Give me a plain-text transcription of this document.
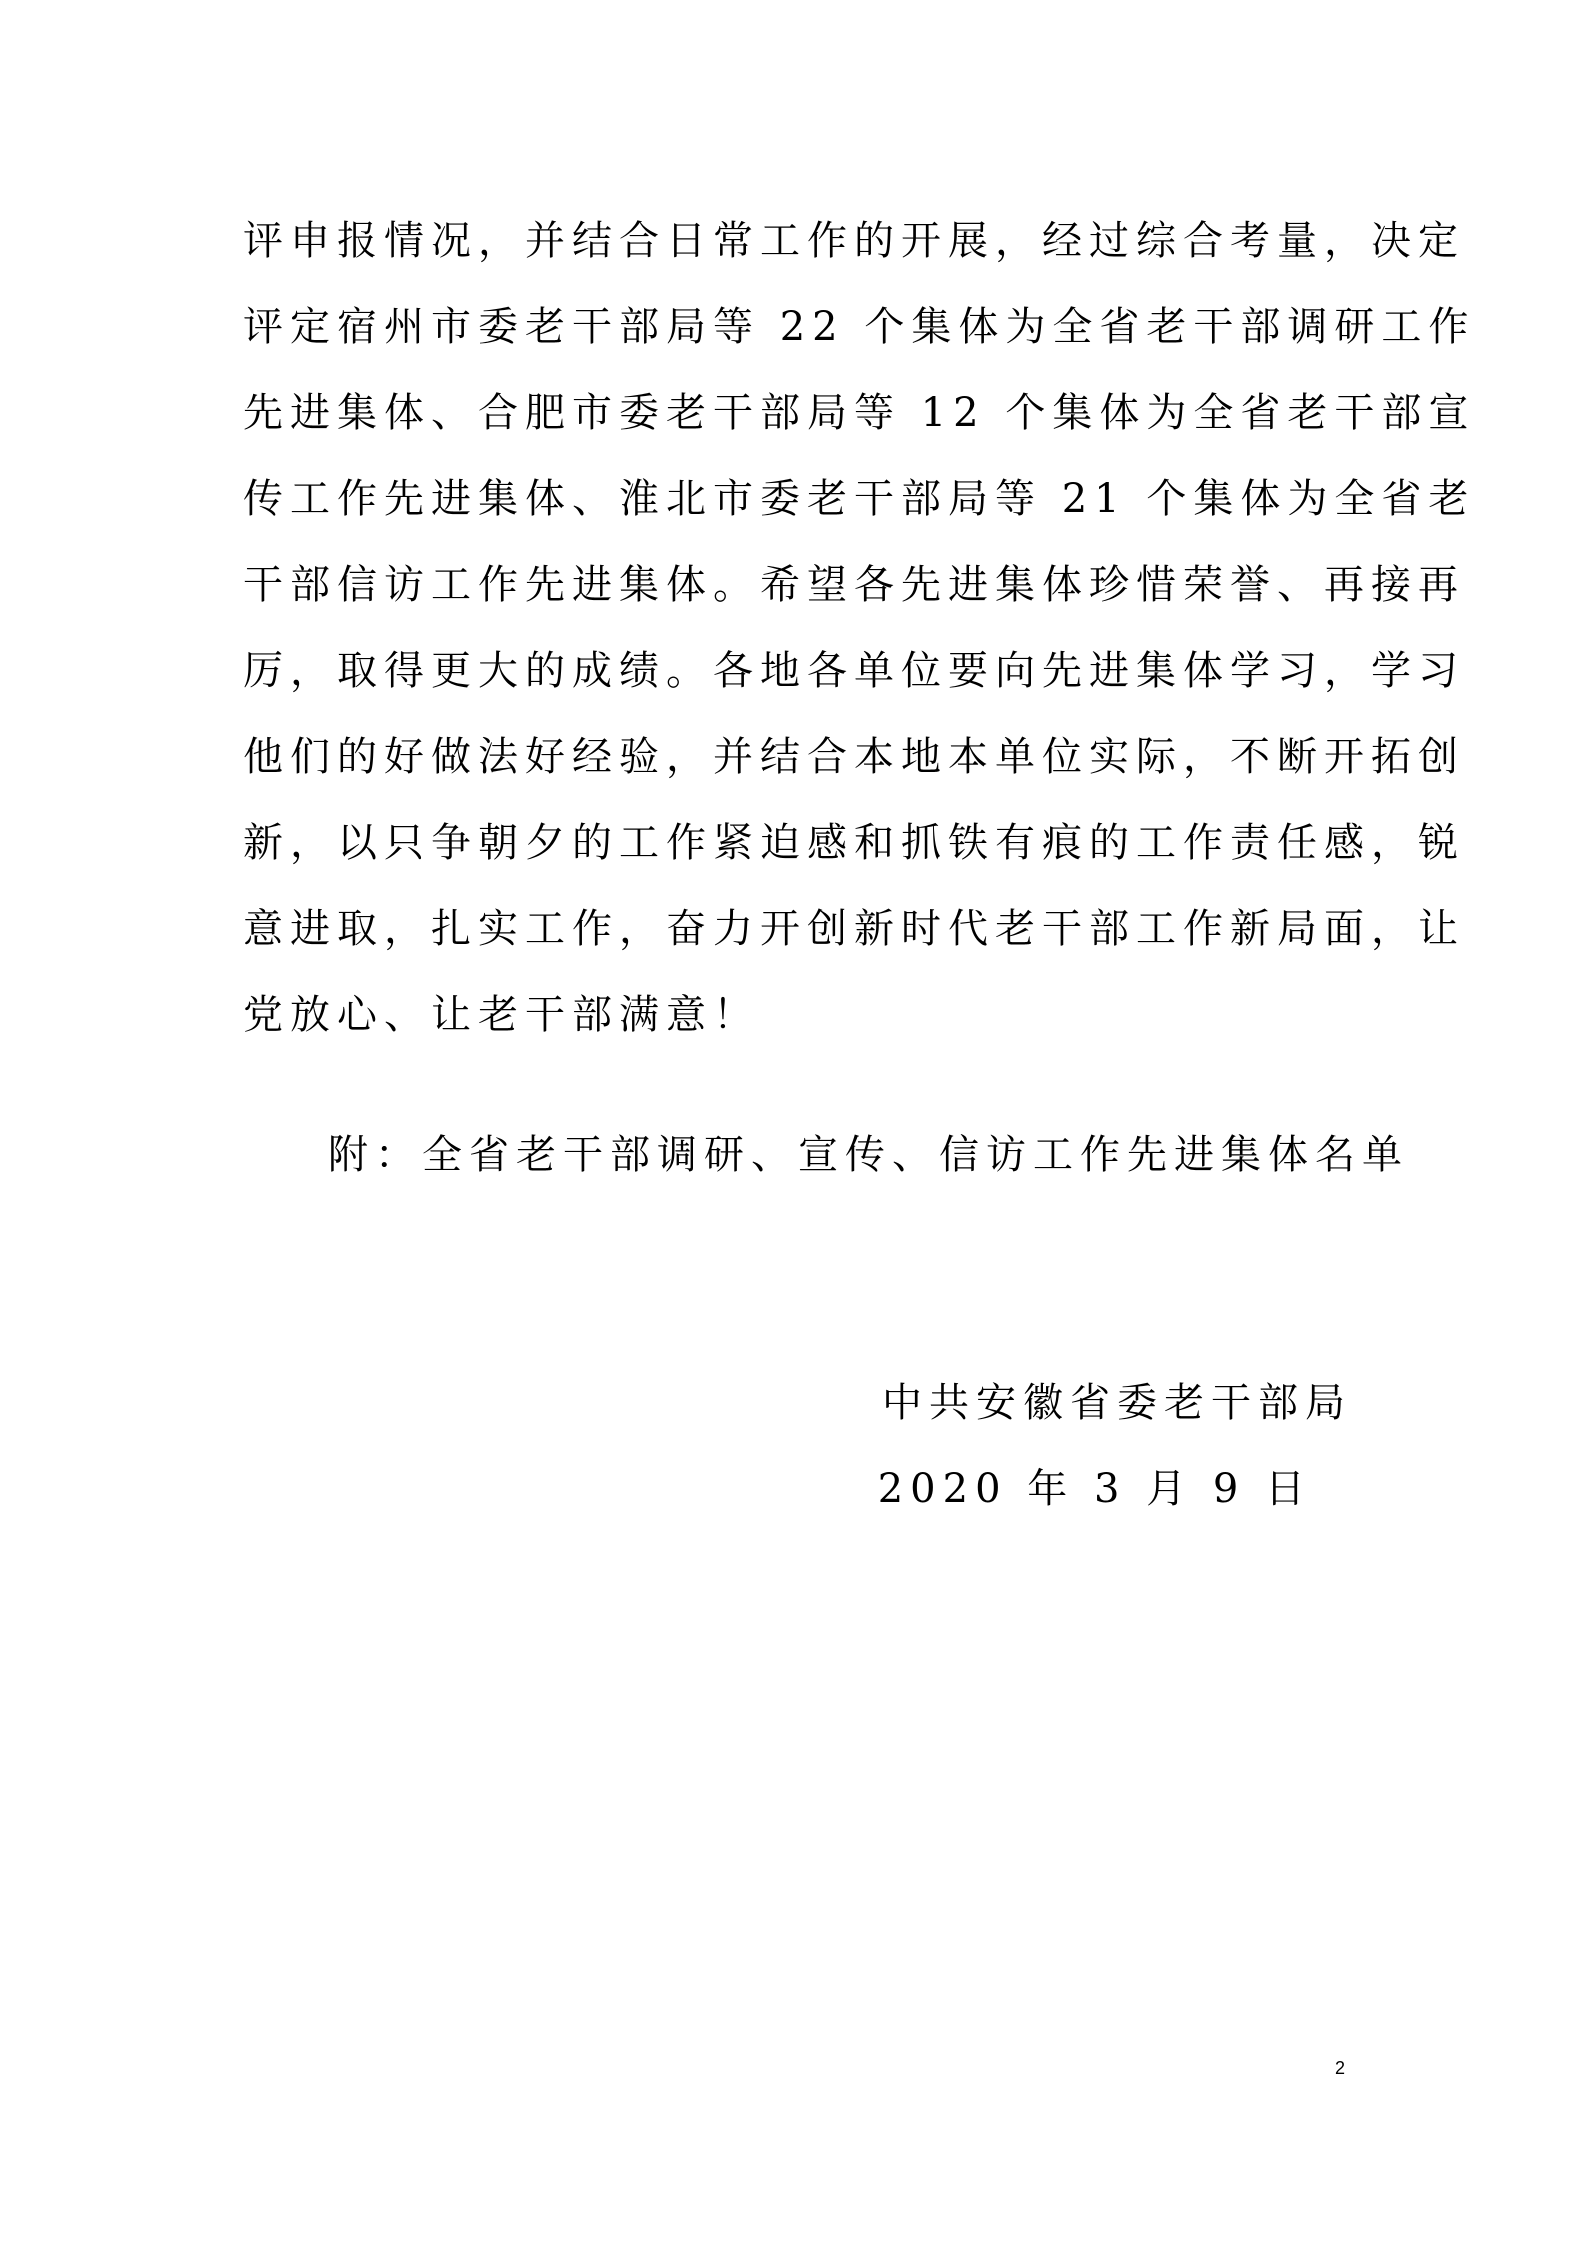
评申报情况，并结合日常工作的开展，经过综合考量，决定
评定宿州市委老干部局等 22 个集体为全省老干部调研工作
先进集体、合肥市委老干部局等 12 个集体为全省老干部宣
传工作先进集体、淮北市委老干部局等 21 个集体为全省老
干部信访工作先进集体。希望各先进集体珍惜荣誉、再接再
厉，取得更大的成绩。各地各单位要向先进集体学习，学习
他们的好做法好经验，并结合本地本单位实际，不断开拓创
新，以只争朝夕的工作紧迫感和抓铁有痕的工作责任感，锐
意进取，扎实工作，奋力开创新时代老干部工作新局面，让
党放心、让老干部满意！
附：全省老干部调研、宣传、信访工作先进集体名单
中共安徽省委老干部局
2020 年 3 月 9 日
2
